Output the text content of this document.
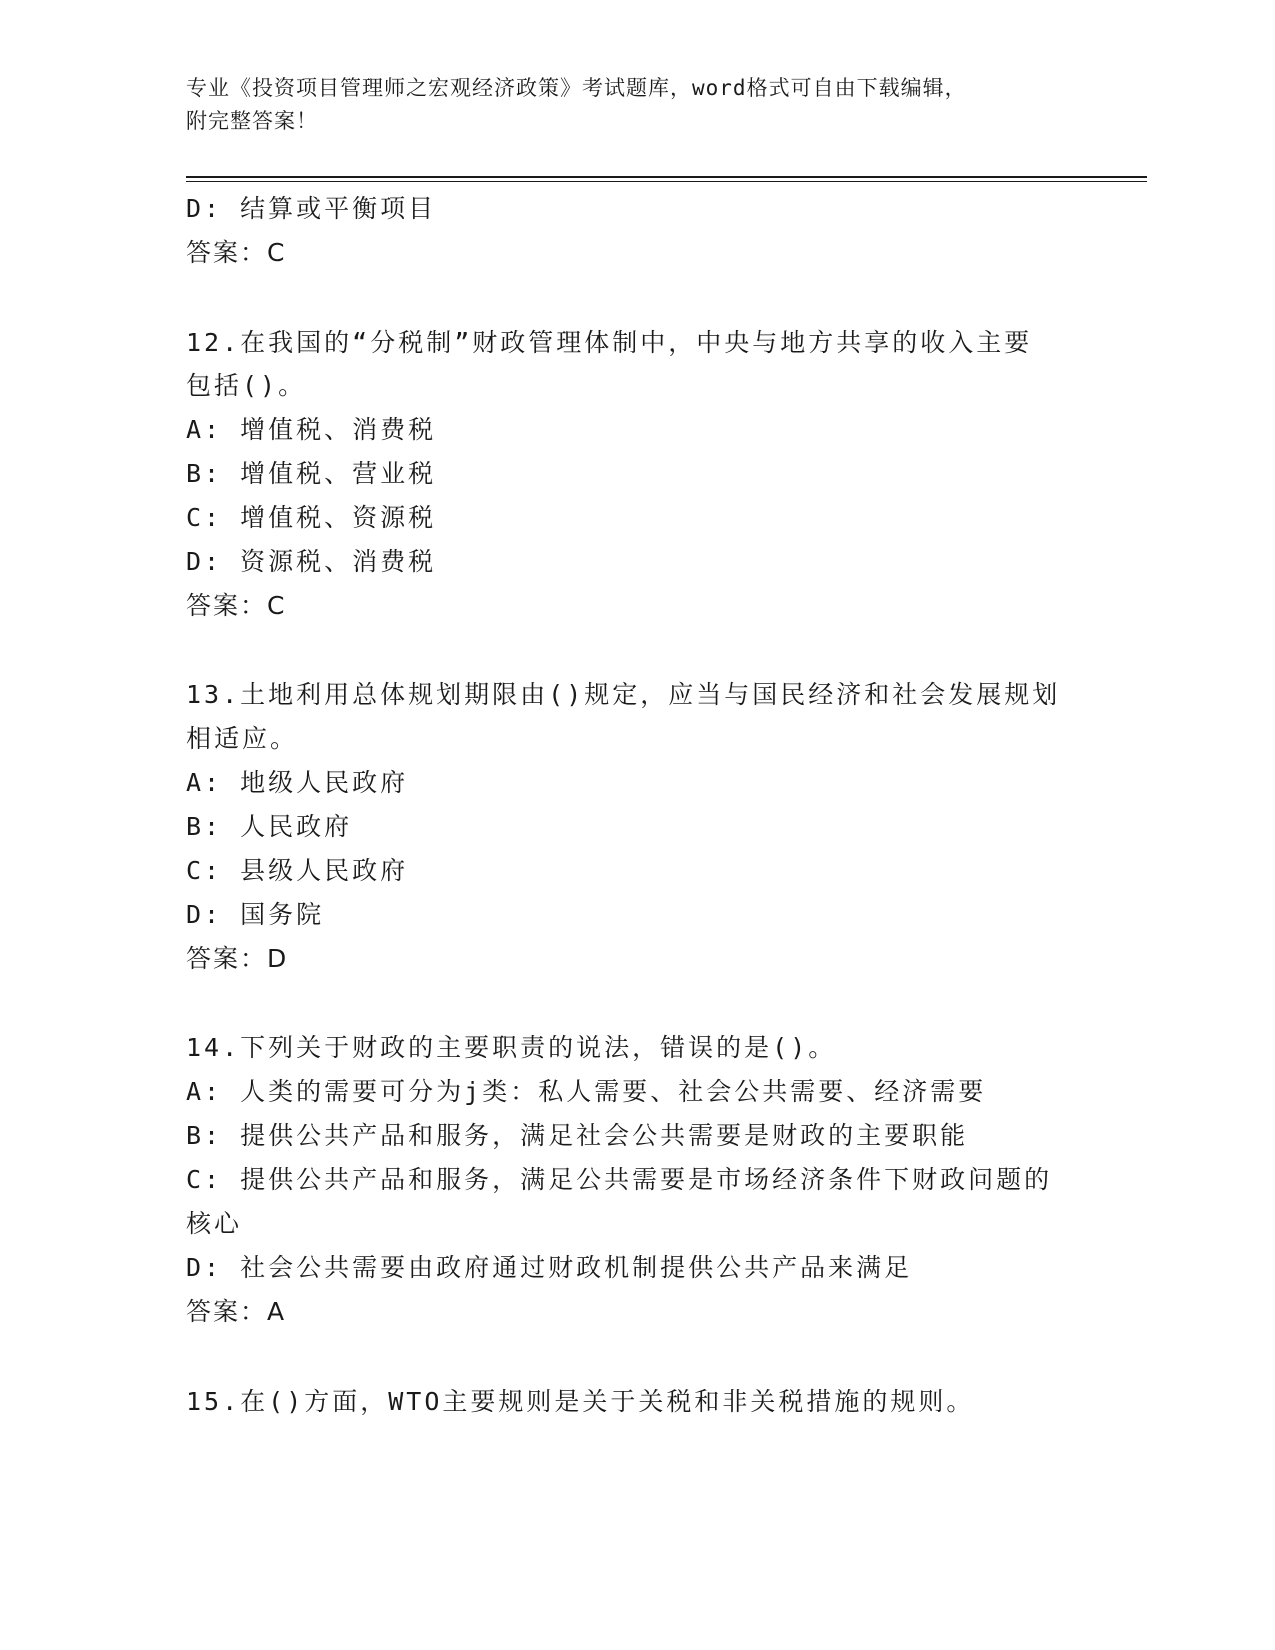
专业《投资项目管理师之宏观经济政策》考试题库，word格式可自由下载编辑，
附完整答案！
D: 结算或平衡项目
答案：C
12.在我国的“分税制”财政管理体制中，中央与地方共享的收入主要
包括()。
A: 增值税、消费税
B: 增值税、营业税
C: 增值税、资源税
D: 资源税、消费税
答案：C
13.土地利用总体规划期限由()规定，应当与国民经济和社会发展规划
相适应。
A: 地级人民政府
B: 人民政府
C: 县级人民政府
D: 国务院
答案：D
14.下列关于财政的主要职责的说法，错误的是()。
A: 人类的需要可分为j类：私人需要、社会公共需要、经济需要
B: 提供公共产品和服务，满足社会公共需要是财政的主要职能
C: 提供公共产品和服务，满足公共需要是市场经济条件下财政问题的
核心
D: 社会公共需要由政府通过财政机制提供公共产品来满足
答案：A
15.在()方面，WTO主要规则是关于关税和非关税措施的规则。
